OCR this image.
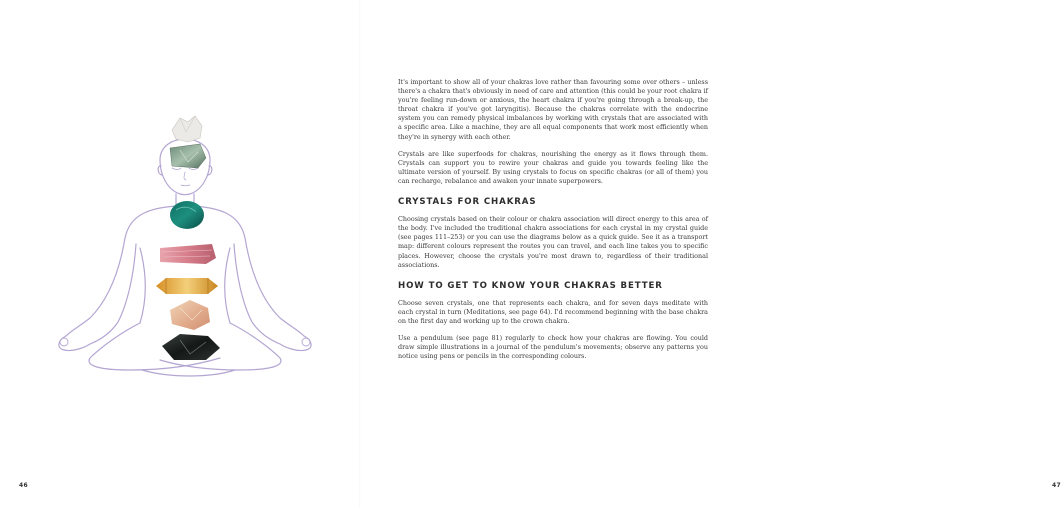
46

It's important to show all of your chakras love rather than favouring some over others – unless there's a chakra that's obviously in need of care and attention (this could be your root chakra if you're feeling run-down or anxious, the heart chakra if you're going through a break-up, the throat chakra if you've got laryngitis). Because the chakras correlate with the endocrine system you can remedy physical imbalances by working with crystals that are associated with a specific area. Like a machine, they are all equal components that work most efficiently when they're in synergy with each other.

Crystals are like superfoods for chakras, nourishing the energy as it flows through them. Crystals can support you to rewire your chakras and guide you towards feeling like the ultimate version of yourself. By using crystals to focus on specific chakras (or all of them) you can recharge, rebalance and awaken your innate superpowers.

CRYSTALS FOR CHAKRAS

Choosing crystals based on their colour or chakra association will direct energy to this area of the body. I've included the traditional chakra associations for each crystal in my crystal guide (see pages 111–253) or you can use the diagrams below as a quick guide. See it as a transport map: different colours represent the routes you can travel, and each line takes you to specific places. However, choose the crystals you're most drawn to, regardless of their traditional associations.

HOW TO GET TO KNOW YOUR CHAKRAS BETTER

Choose seven crystals, one that represents each chakra, and for seven days meditate with each crystal in turn (Meditations, see page 64). I'd recommend beginning with the base chakra on the first day and working up to the crown chakra.

Use a pendulum (see page 81) regularly to check how your chakras are flowing. You could draw simple illustrations in a journal of the pendulum's movements; observe any patterns you notice using pens or pencils in the corresponding colours.

47
